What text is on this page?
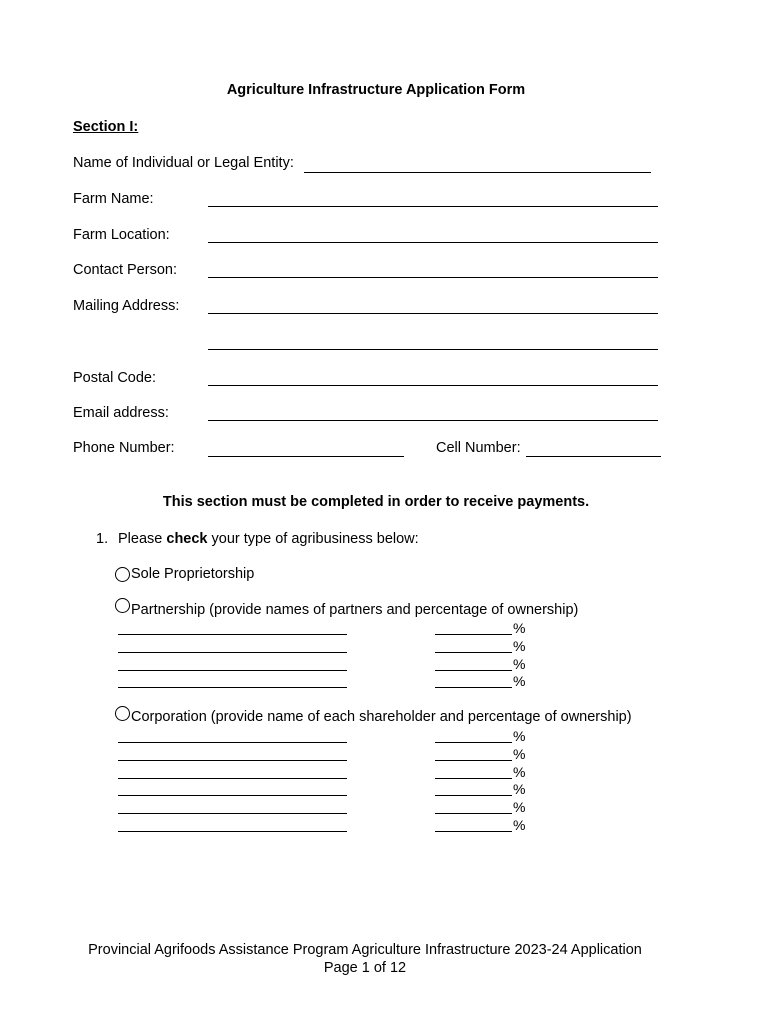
Agriculture Infrastructure Application Form
Section I:
Name of Individual or Legal Entity:
Farm Name:
Farm Location:
Contact Person:
Mailing Address:
Postal Code:
Email address:
Phone Number:	Cell Number:
This section must be completed in order to receive payments.
1. Please check your type of agribusiness below:
Sole Proprietorship
Partnership (provide names of partners and percentage of ownership)
%
%
%
%
Corporation (provide name of each shareholder and percentage of ownership)
%
%
%
%
%
%
Provincial Agrifoods Assistance Program Agriculture Infrastructure 2023-24 Application
Page 1 of 12
